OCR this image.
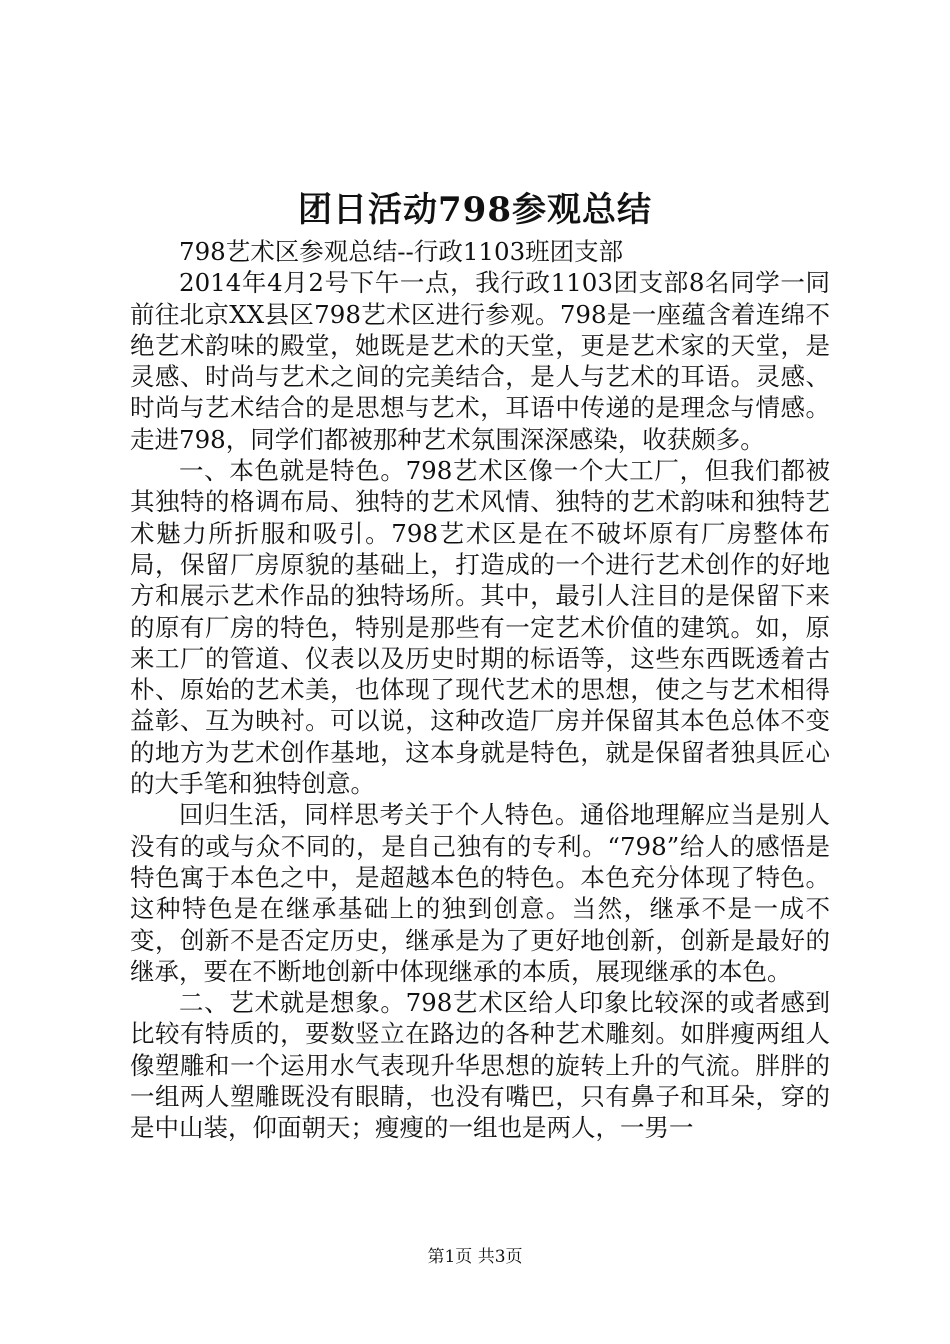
团日活动798参观总结

798艺术区参观总结--行政1103班团支部

2014年4月2号下午一点，我行政1103团支部8名同学一同前往北京XX县区798艺术区进行参观。798是一座蕴含着连绵不绝艺术韵味的殿堂，她既是艺术的天堂，更是艺术家的天堂，是灵感、时尚与艺术之间的完美结合，是人与艺术的耳语。灵感、时尚与艺术结合的是思想与艺术，耳语中传递的是理念与情感。走进798，同学们都被那种艺术氛围深深感染，收获颇多。

一、本色就是特色。798艺术区像一个大工厂，但我们都被其独特的格调布局、独特的艺术风情、独特的艺术韵味和独特艺术魅力所折服和吸引。798艺术区是在不破坏原有厂房整体布局，保留厂房原貌的基础上，打造成的一个进行艺术创作的好地方和展示艺术作品的独特场所。其中，最引人注目的是保留下来的原有厂房的特色，特别是那些有一定艺术价值的建筑。如，原来工厂的管道、仪表以及历史时期的标语等，这些东西既透着古朴、原始的艺术美，也体现了现代艺术的思想，使之与艺术相得益彰、互为映衬。可以说，这种改造厂房并保留其本色总体不变的地方为艺术创作基地，这本身就是特色，就是保留者独具匠心的大手笔和独特创意。

回归生活，同样思考关于个人特色。通俗地理解应当是别人没有的或与众不同的，是自己独有的专利。“798”给人的感悟是特色寓于本色之中，是超越本色的特色。本色充分体现了特色。这种特色是在继承基础上的独到创意。当然，继承不是一成不变，创新不是否定历史，继承是为了更好地创新，创新是最好的继承，要在不断地创新中体现继承的本质，展现继承的本色。

二、艺术就是想象。798艺术区给人印象比较深的或者感到比较有特质的，要数竖立在路边的各种艺术雕刻。如胖瘦两组人像塑雕和一个运用水气表现升华思想的旋转上升的气流。胖胖的一组两人塑雕既没有眼睛，也没有嘴巴，只有鼻子和耳朵，穿的是中山装，仰面朝天；瘦瘦的一组也是两人，一男一

第1页 共3页
